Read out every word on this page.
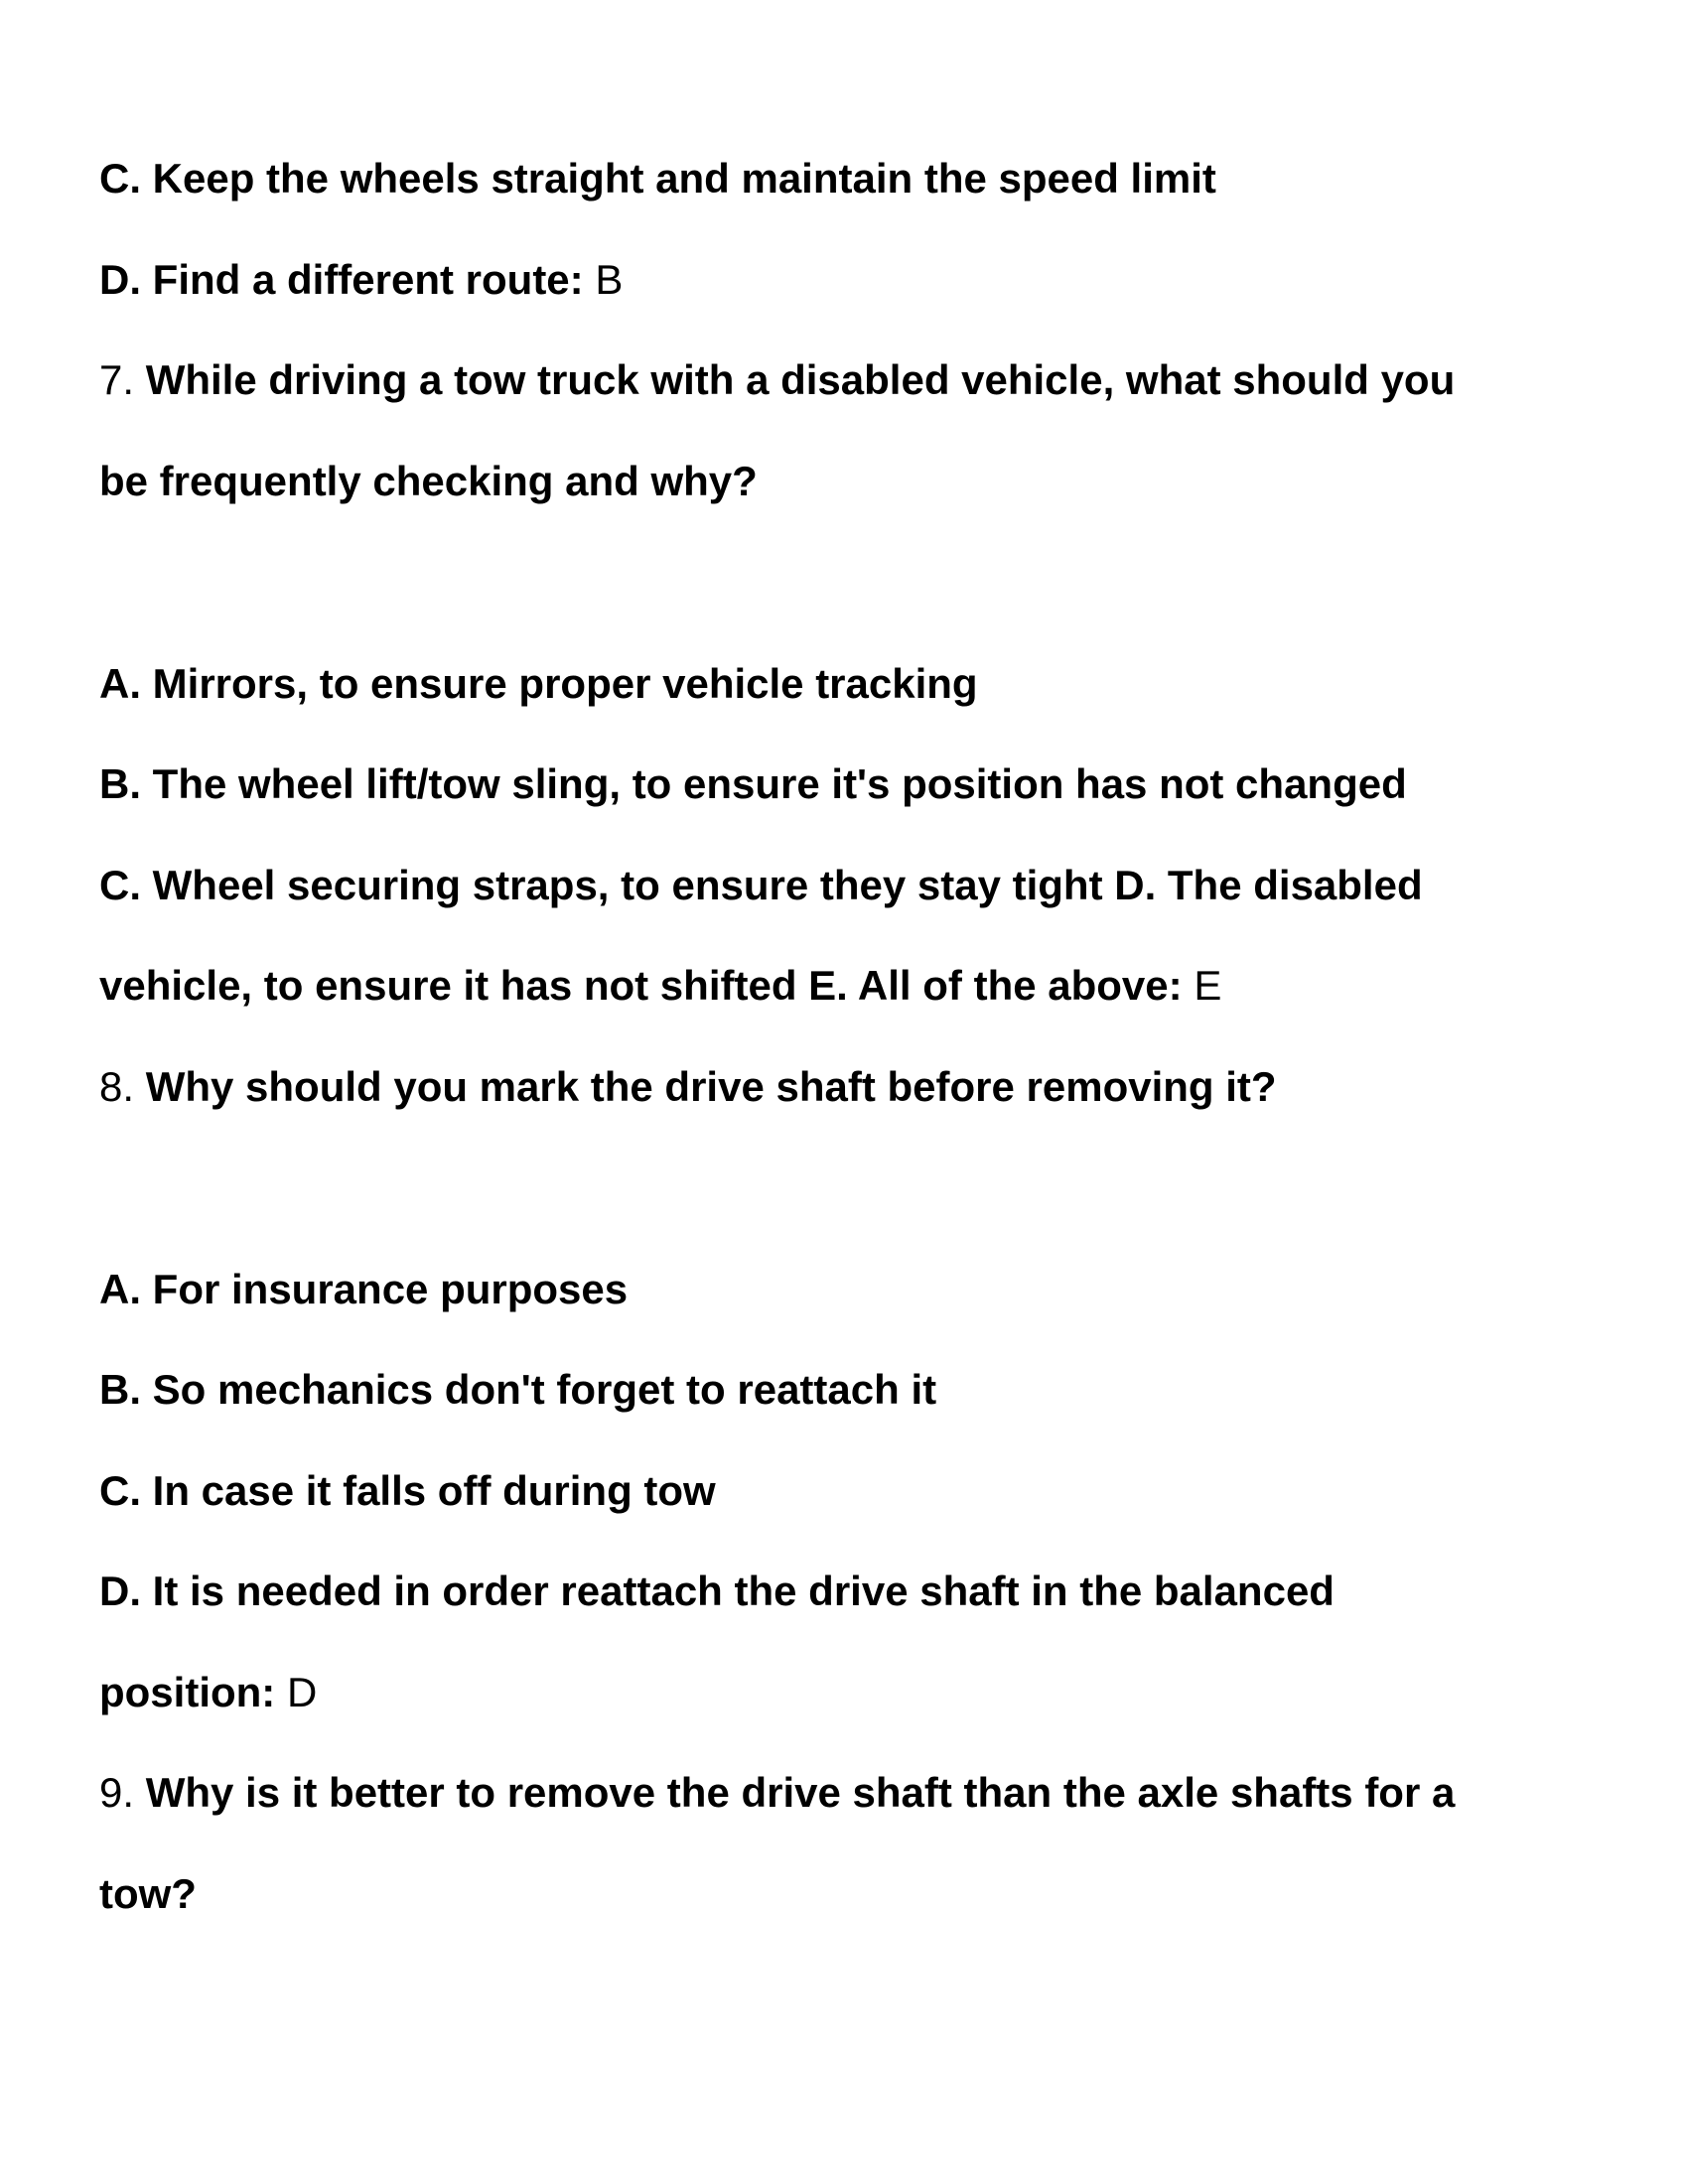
C. Keep the wheels straight and maintain the speed limit
D. Find a different route: B
7. While driving a tow truck with a disabled vehicle, what should you
be frequently checking and why?
A. Mirrors, to ensure proper vehicle tracking
B. The wheel lift/tow sling, to ensure it's position has not changed
C. Wheel securing straps, to ensure they stay tight D. The disabled
vehicle, to ensure it has not shifted E. All of the above: E
8. Why should you mark the drive shaft before removing it?
A. For insurance purposes
B. So mechanics don't forget to reattach it
C. In case it falls off during tow
D. It is needed in order reattach the drive shaft in the balanced
position: D
9. Why is it better to remove the drive shaft than the axle shafts for a
tow?
